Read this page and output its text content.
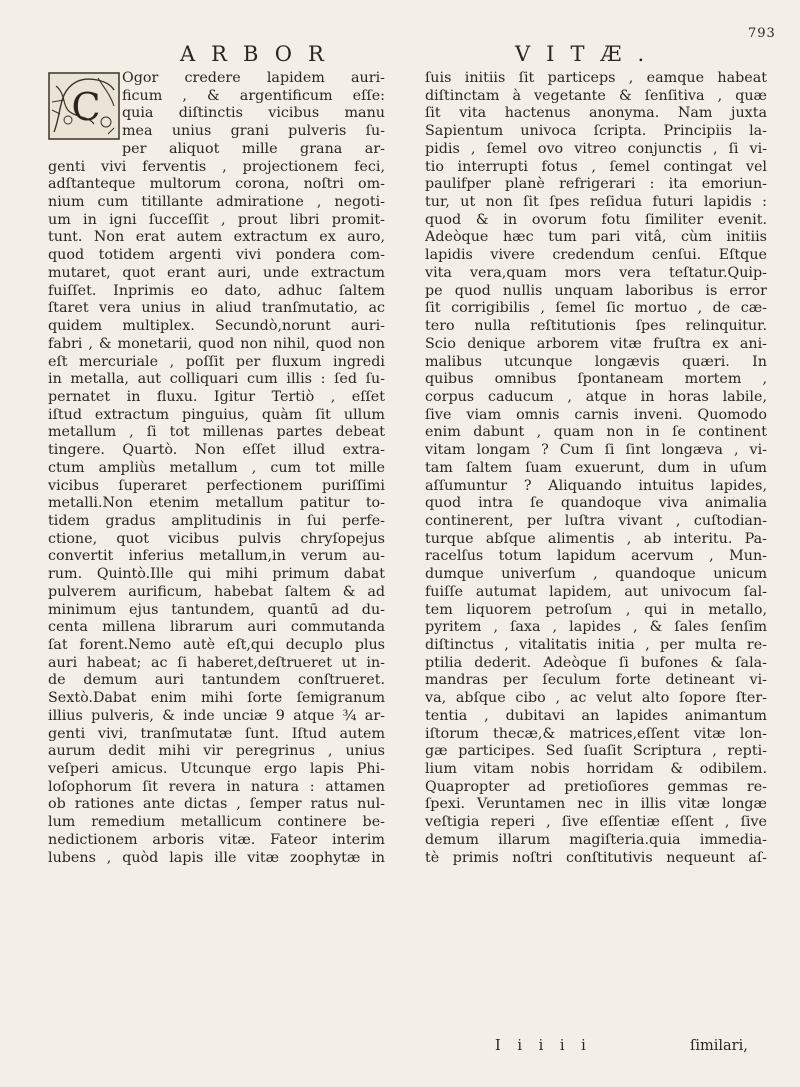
793
ARBOR	VITÆ.
C
Ogor credere lapidem auri-
ficum , & argentificum eſſe:
quia diſtinctis vicibus manu
mea unius grani pulveris ſu-
per aliquot mille grana ar-
genti vivi ferventis , projectionem feci,
adſtanteque multorum corona, noſtri om-
nium cum titillante admiratione , negoti-
um in igni ſucceſſit , prout libri promit-
tunt. Non erat autem extractum ex auro,
quod totidem argenti vivi pondera com-
mutaret, quot erant auri, unde extractum
fuiſſet. Inprimis eo dato, adhuc ſaltem
ſtaret vera unius in aliud tranſmutatio, ac
quidem multiplex. Secundò,norunt auri-
fabri , & monetarii, quod non nihil, quod non
eſt mercuriale , poſſit per fluxum ingredi
in metalla, aut colliquari cum illis : ſed ſu-
pernatet in fluxu. Igitur Tertiò , eſſet
iſtud extractum pinguius, quàm ſit ullum
metallum , ſi tot millenas partes debeat
tingere. Quartò. Non eſſet illud extra-
ctum ampliùs metallum , cum tot mille
vicibus ſuperaret perfectionem puriſſimi
metalli.Non etenim metallum patitur to-
tidem gradus amplitudinis in ſui perfe-
ctione, quot vicibus pulvis chryſopejus
convertit inferius metallum,in verum au-
rum. Quintò.Ille qui mihi primum dabat
pulverem aurificum, habebat ſaltem & ad
minimum ejus tantundem, quantū ad du-
centa millena librarum auri commutanda
ſat forent.Nemo autè eſt,qui decuplo plus
auri habeat; ac ſi haberet,deſtrueret ut in-
de demum auri tantundem conſtrueret.
Sextò.Dabat enim mihi ſorte ſemigranum
illius pulveris, & inde unciæ 9 atque ¾ ar-
genti vivi, tranſmutatæ ſunt. Iſtud autem
aurum dedit mihi vir peregrinus , unius
veſperi amicus. Utcunque ergo lapis Phi-
loſophorum ſit revera in natura : attamen
ob rationes ante dictas , ſemper ratus nul-
lum remedium metallicum continere be-
nedictionem arboris vitæ. Fateor interim
lubens , quòd lapis ille vitæ zoophytæ in
ſuis initiis ſit particeps , eamque habeat
diſtinctam à vegetante & ſenſitiva , quæ
ſit vita hactenus anonyma. Nam juxta
Sapientum univoca ſcripta. Principiis la-
pidis , ſemel ovo vitreo conjunctis , ſi vi-
tio interrupti fotus , ſemel contingat vel
paulifper planè refrigerari : ita emoriun-
tur, ut non ſit ſpes reſidua futuri lapidis :
quod & in ovorum fotu ſimiliter evenit.
Adeòque hæc tum pari vitâ, cùm initiis
lapidis vivere credendum cenſui. Eſtque
vita vera,quam mors vera teſtatur.Quip-
pe quod nullis unquam laboribus is error
ſit corrigibilis , ſemel ſic mortuo , de cæ-
tero nulla reſtitutionis ſpes relinquitur.
Scio denique arborem vitæ fruſtra ex ani-
malibus utcunque longævis quæri. In
quibus omnibus ſpontaneam mortem ,
corpus caducum , atque in horas labile,
ſive viam omnis carnis inveni. Quomodo
enim dabunt , quam non in ſe continent
vitam longam ? Cum ſi ſint longæva , vi-
tam ſaltem ſuam exuerunt, dum in uſum
aſſumuntur ? Aliquando intuitus lapides,
quod intra ſe quandoque viva animalia
continerent, per luſtra vivant , cuſtodian-
turque abſque alimentis , ab interitu. Pa-
racelſus totum lapidum acervum , Mun-
dumque univerſum , quandoque unicum
fuiſſe autumat lapidem, aut univocum ſal-
tem liquorem petroſum , qui in metallo,
pyritem , ſaxa , lapides , & ſales ſenſim
diſtinctus , vitalitatis initia , per multa re-
ptilia dederit. Adeòque ſi bufones & ſala-
mandras per ſeculum forte detineant vi-
va, abſque cibo , ac velut alto ſopore ſter-
tentia , dubitavi an lapides animantum
iſtorum thecæ,& matrices,eſſent vitæ lon-
gæ participes. Sed ſuaſit Scriptura , repti-
lium vitam nobis horridam & odibilem.
Quapropter ad pretioſiores gemmas re-
ſpexi. Veruntamen nec in illis vitæ longæ
veſtigia reperi , ſive eſſentiæ eſſent , ſive
demum illarum magiſteria.quia immedia-
tè primis noſtri conſtitutivis nequeunt aſ-
I i i i i	ſimilari,
